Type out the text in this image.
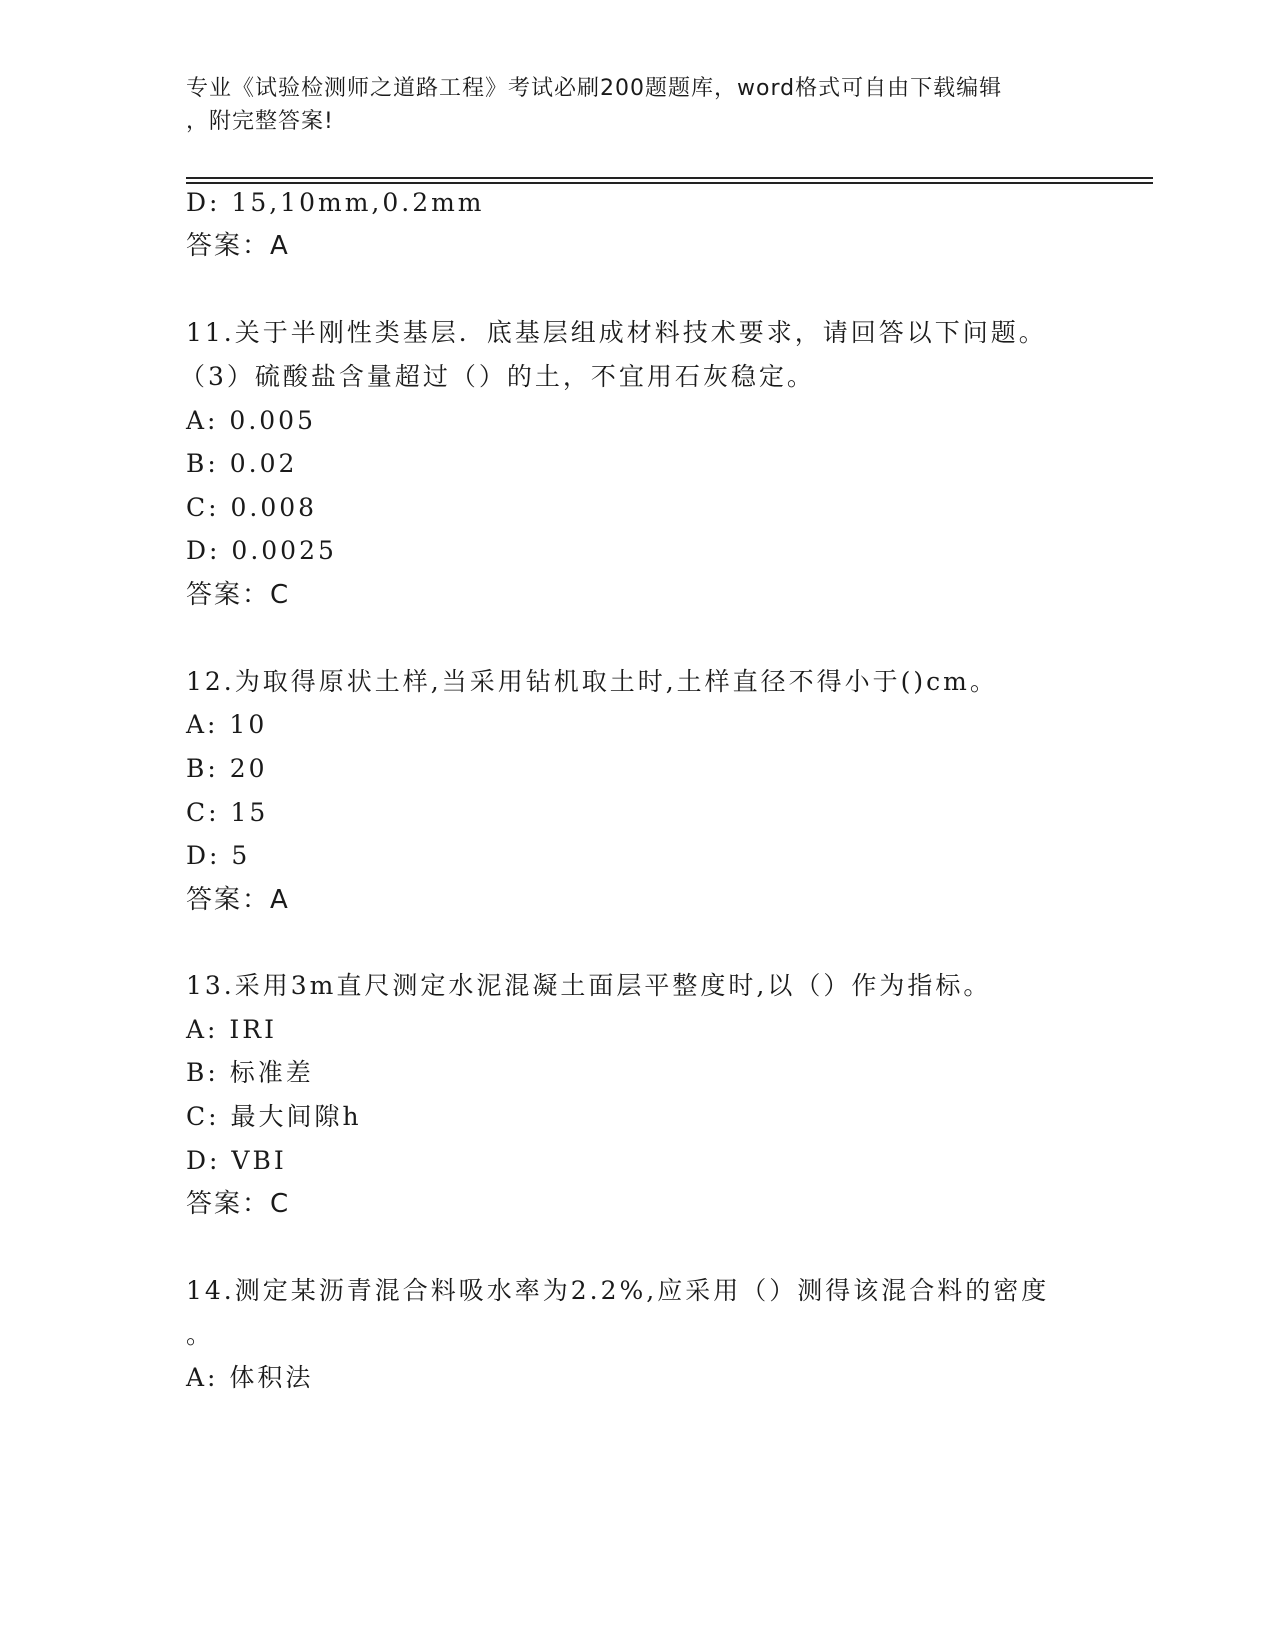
专业《试验检测师之道路工程》考试必刷200题题库，word格式可自由下载编辑
，附完整答案!
D: 15,10mm,0.2mm
答案：A
11.关于半刚性类基层．底基层组成材料技术要求，请回答以下问题。
（3）硫酸盐含量超过（）的土，不宜用石灰稳定。
A: 0.005
B: 0.02
C: 0.008
D: 0.0025
答案：C
12.为取得原状土样,当采用钻机取土时,土样直径不得小于()cm。
A: 10
B: 20
C: 15
D: 5
答案：A
13.采用3m直尺测定水泥混凝土面层平整度时,以（）作为指标。
A: IRI
B: 标准差
C: 最大间隙h
D: VBI
答案：C
14.测定某沥青混合料吸水率为2.2%,应采用（）测得该混合料的密度
。
A: 体积法
